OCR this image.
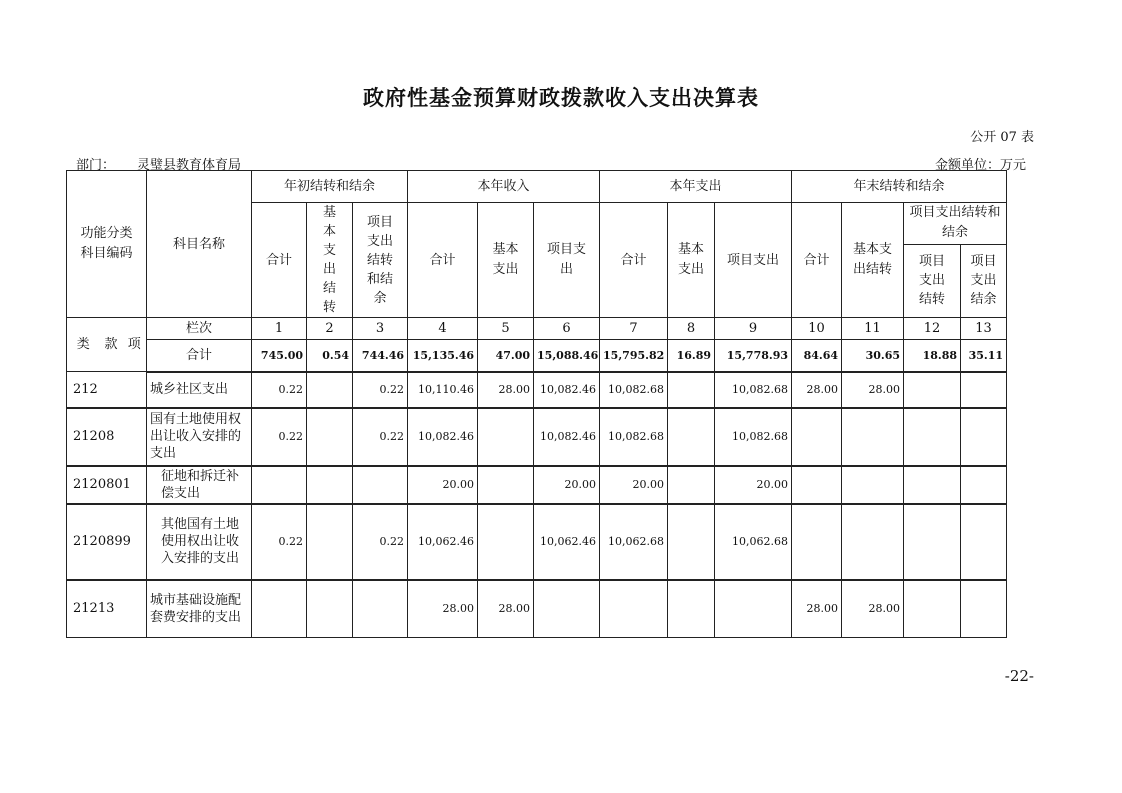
政府性基金预算财政拨款收入支出决算表
公开 07 表
部门： 灵璧县教育体育局	金额单位：万元
功能分类科目编码			科目名称	年初结转和结余			本年收入			本年支出			年末结转和结余			
				合计	基本支出结转	项目支出结转和结余	合计	基本支出	项目支出	合计	基本支出	项目支出	合计	基本支出结转	项目支出结转和结余	

															项目支出结转	项目支出结余

类	款	项	栏次	1	2	3	4	5	6	7	8	9	10	11	12	13
			合计	745.00	0.54	744.46	15,135.46	47.00	15,088.46	15,795.82	16.89	15,778.93	84.64	30.65	18.88	35.11
212			城乡社区支出	0.22		0.22	10,110.46	28.00	10,082.46	10,082.68		10,082.68	28.00	28.00		
21208			国有土地使用权出让收入安排的支出	0.22		0.22	10,082.46		10,082.46	10,082.68		10,082.68				
2120801			征地和拆迁补偿支出				20.00		20.00	20.00		20.00				
2120899			其他国有土地使用权出让收入安排的支出	0.22		0.22	10,062.46		10,062.46	10,062.68		10,062.68				
21213			城市基础设施配套费安排的支出				28.00	28.00					28.00	28.00		
-22-
